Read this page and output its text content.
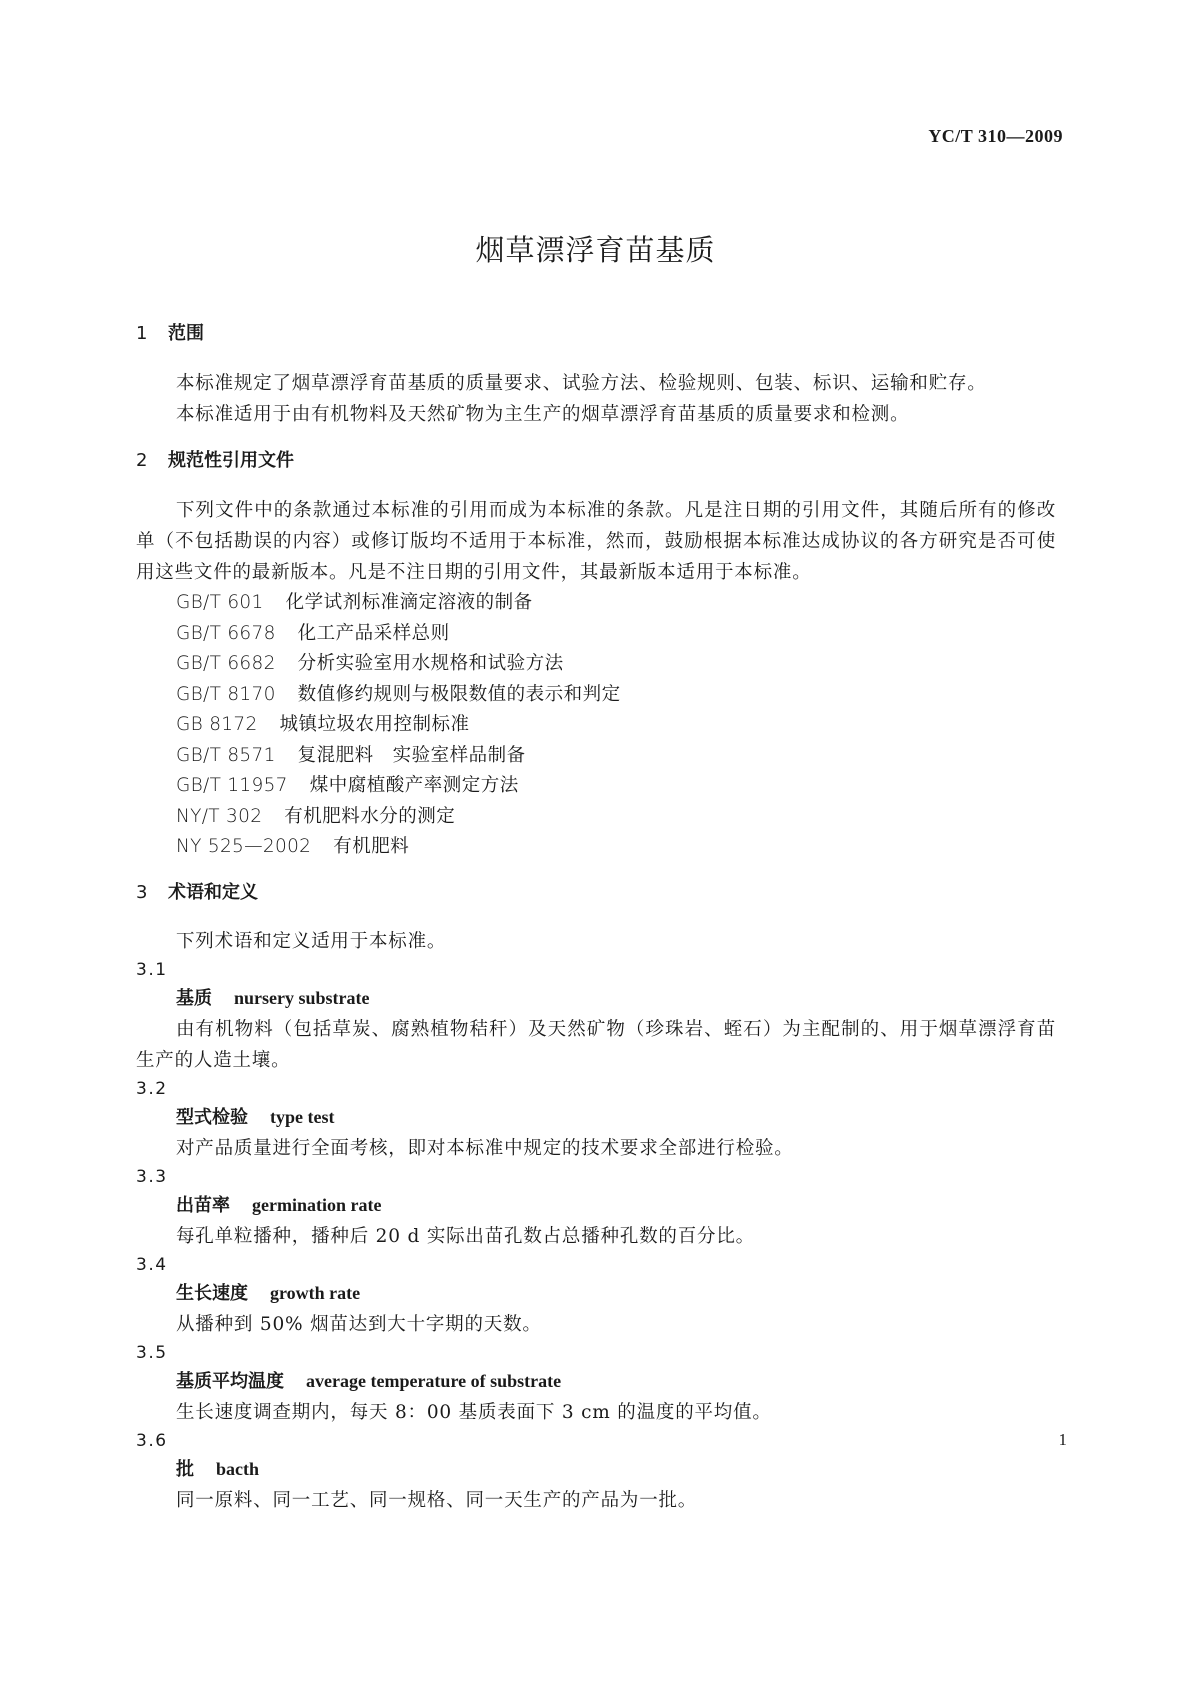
YC/T 310—2009
烟草漂浮育苗基质
1	范围
本标准规定了烟草漂浮育苗基质的质量要求、试验方法、检验规则、包装、标识、运输和贮存。
本标准适用于由有机物料及天然矿物为主生产的烟草漂浮育苗基质的质量要求和检测。
2	规范性引用文件
下列文件中的条款通过本标准的引用而成为本标准的条款。凡是注日期的引用文件，其随后所有的修改单（不包括勘误的内容）或修订版均不适用于本标准，然而，鼓励根据本标准达成协议的各方研究是否可使用这些文件的最新版本。凡是不注日期的引用文件，其最新版本适用于本标准。
GB/T 601 化学试剂标准滴定溶液的制备
GB/T 6678 化工产品采样总则
GB/T 6682 分析实验室用水规格和试验方法
GB/T 8170 数值修约规则与极限数值的表示和判定
GB 8172 城镇垃圾农用控制标准
GB/T 8571 复混肥料　实验室样品制备
GB/T 11957 煤中腐植酸产率测定方法
NY/T 302 有机肥料水分的测定
NY 525—2002 有机肥料
3	术语和定义
下列术语和定义适用于本标准。
3.1
基质 nursery substrate
由有机物料（包括草炭、腐熟植物秸秆）及天然矿物（珍珠岩、蛭石）为主配制的、用于烟草漂浮育苗生产的人造土壤。
3.2
型式检验 type test
对产品质量进行全面考核，即对本标准中规定的技术要求全部进行检验。
3.3
出苗率 germination rate
每孔单粒播种，播种后 20 d 实际出苗孔数占总播种孔数的百分比。
3.4
生长速度 growth rate
从播种到 50% 烟苗达到大十字期的天数。
3.5
基质平均温度 average temperature of substrate
生长速度调查期内，每天 8：00 基质表面下 3 cm 的温度的平均值。
3.6
批 bacth
同一原料、同一工艺、同一规格、同一天生产的产品为一批。
1
